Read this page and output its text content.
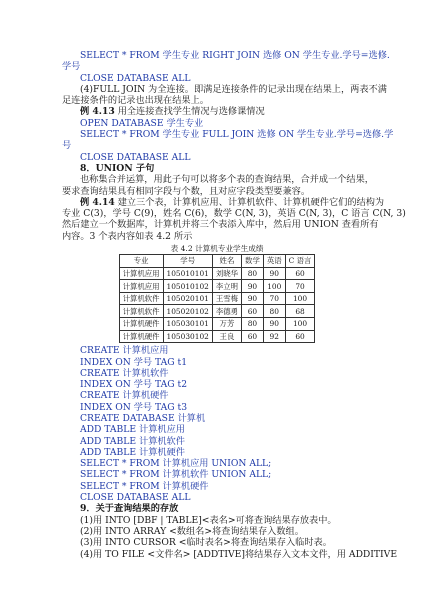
SELECT * FROM 学生专业 RIGHT JOIN 选修 ON 学生专业.学号=选修.
学号
CLOSE DATABASE ALL
(4)FULL JOIN 为全连接。即满足连接条件的记录出现在结果上，两表不满
足连接条件的记录也出现在结果上。
例 4.13 用全连接查找学生情况与选修课情况
OPEN DATABASE 学生专业
SELECT * FROM 学生专业 FULL JOIN 选修 ON 学生专业.学号=选修.学
号
CLOSE DATABASE ALL
8．UNION 子句
也称集合并运算，用此子句可以将多个表的查询结果，合并成一个结果，
要求查询结果具有相同字段与个数，且对应字段类型要兼容。
例 4.14 建立三个表，计算机应用、计算机软件、计算机硬件它们的结构为
专业 C(3)，学号 C(9)，姓名 C(6)，数学 C(N, 3)，英语 C(N, 3)，C 语言 C(N, 3)
然后建立一个数据库，计算机并将三个表添入库中，然后用 UNION 查看所有
内容。3 个表内容如表 4.2 所示
表 4.2 计算机专业学生成绩
专业	学号	姓名	数学	英语	C 语言
计算机应用	105010101	刘晓华	80	90	60
计算机应用	105010102	李立明	90	100	70
计算机软件	105020101	王雪梅	90	70	100
计算机软件	105020102	李德勇	60	80	68
计算机硬件	105030101	万芳	80	90	100
计算机硬件	105030102	王良	60	92	60
CREATE 计算机应用
INDEX ON 学号 TAG t1
CREATE 计算机软件
INDEX ON 学号 TAG t2
CREATE 计算机硬件
INDEX ON 学号 TAG t3
CREATE DATABASE 计算机
ADD TABLE 计算机应用
ADD TABLE 计算机软件
ADD TABLE 计算机硬件
SELECT * FROM 计算机应用 UNION ALL;
SELECT * FROM 计算机软件 UNION ALL;
SELECT * FROM 计算机硬件
CLOSE DATABASE ALL
9．关于查询结果的存放
(1)用 INTO [DBF | TABLE]<表名>可将查询结果存放表中。
(2)用 INTO ARRAY <数组名>将查询结果存入数组。
(3)用 INTO CURSOR <临时表名>将查询结果存入临时表。
(4)用 TO FILE <文件名> [ADDTIVE]将结果存入文本文件，用 ADDITIVE
